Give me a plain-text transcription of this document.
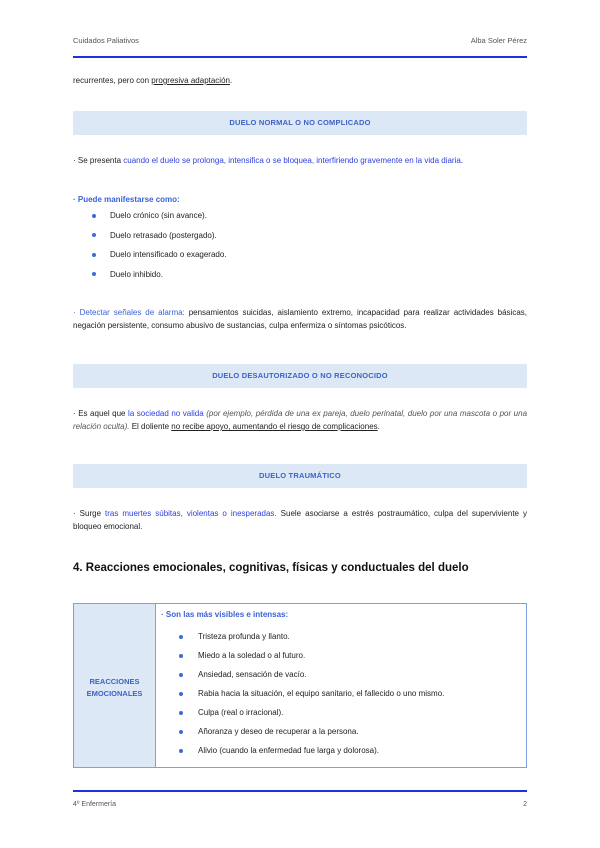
Cuidados Paliativos	Alba Soler Pérez
recurrentes, pero con progresiva adaptación.
DUELO NORMAL O NO COMPLICADO
· Se presenta cuando el duelo se prolonga, intensifica o se bloquea, interfiriendo gravemente en la vida diaria.
· Puede manifestarse como:
Duelo crónico (sin avance).
Duelo retrasado (postergado).
Duelo intensificado o exagerado.
Duelo inhibido.
· Detectar señales de alarma: pensamientos suicidas, aislamiento extremo, incapacidad para realizar actividades básicas, negación persistente, consumo abusivo de sustancias, culpa enfermiza o síntomas psicóticos.
DUELO DESAUTORIZADO O NO RECONOCIDO
· Es aquel que la sociedad no valida (por ejemplo, pérdida de una ex pareja, duelo perinatal, duelo por una mascota o por una relación oculta). El doliente no recibe apoyo, aumentando el riesgo de complicaciones.
DUELO TRAUMÁTICO
· Surge tras muertes súbitas, violentas o inesperadas. Suele asociarse a estrés postraumático, culpa del superviviente y bloqueo emocional.
4. Reacciones emocionales, cognitivas, físicas y conductuales del duelo
REACCIONES EMOCIONALES
· Son las más visibles e intensas:
Tristeza profunda y llanto.
Miedo a la soledad o al futuro.
Ansiedad, sensación de vacío.
Rabia hacia la situación, el equipo sanitario, el fallecido o uno mismo.
Culpa (real o irracional).
Añoranza y deseo de recuperar a la persona.
Alivio (cuando la enfermedad fue larga y dolorosa).
4º Enfermería	2
